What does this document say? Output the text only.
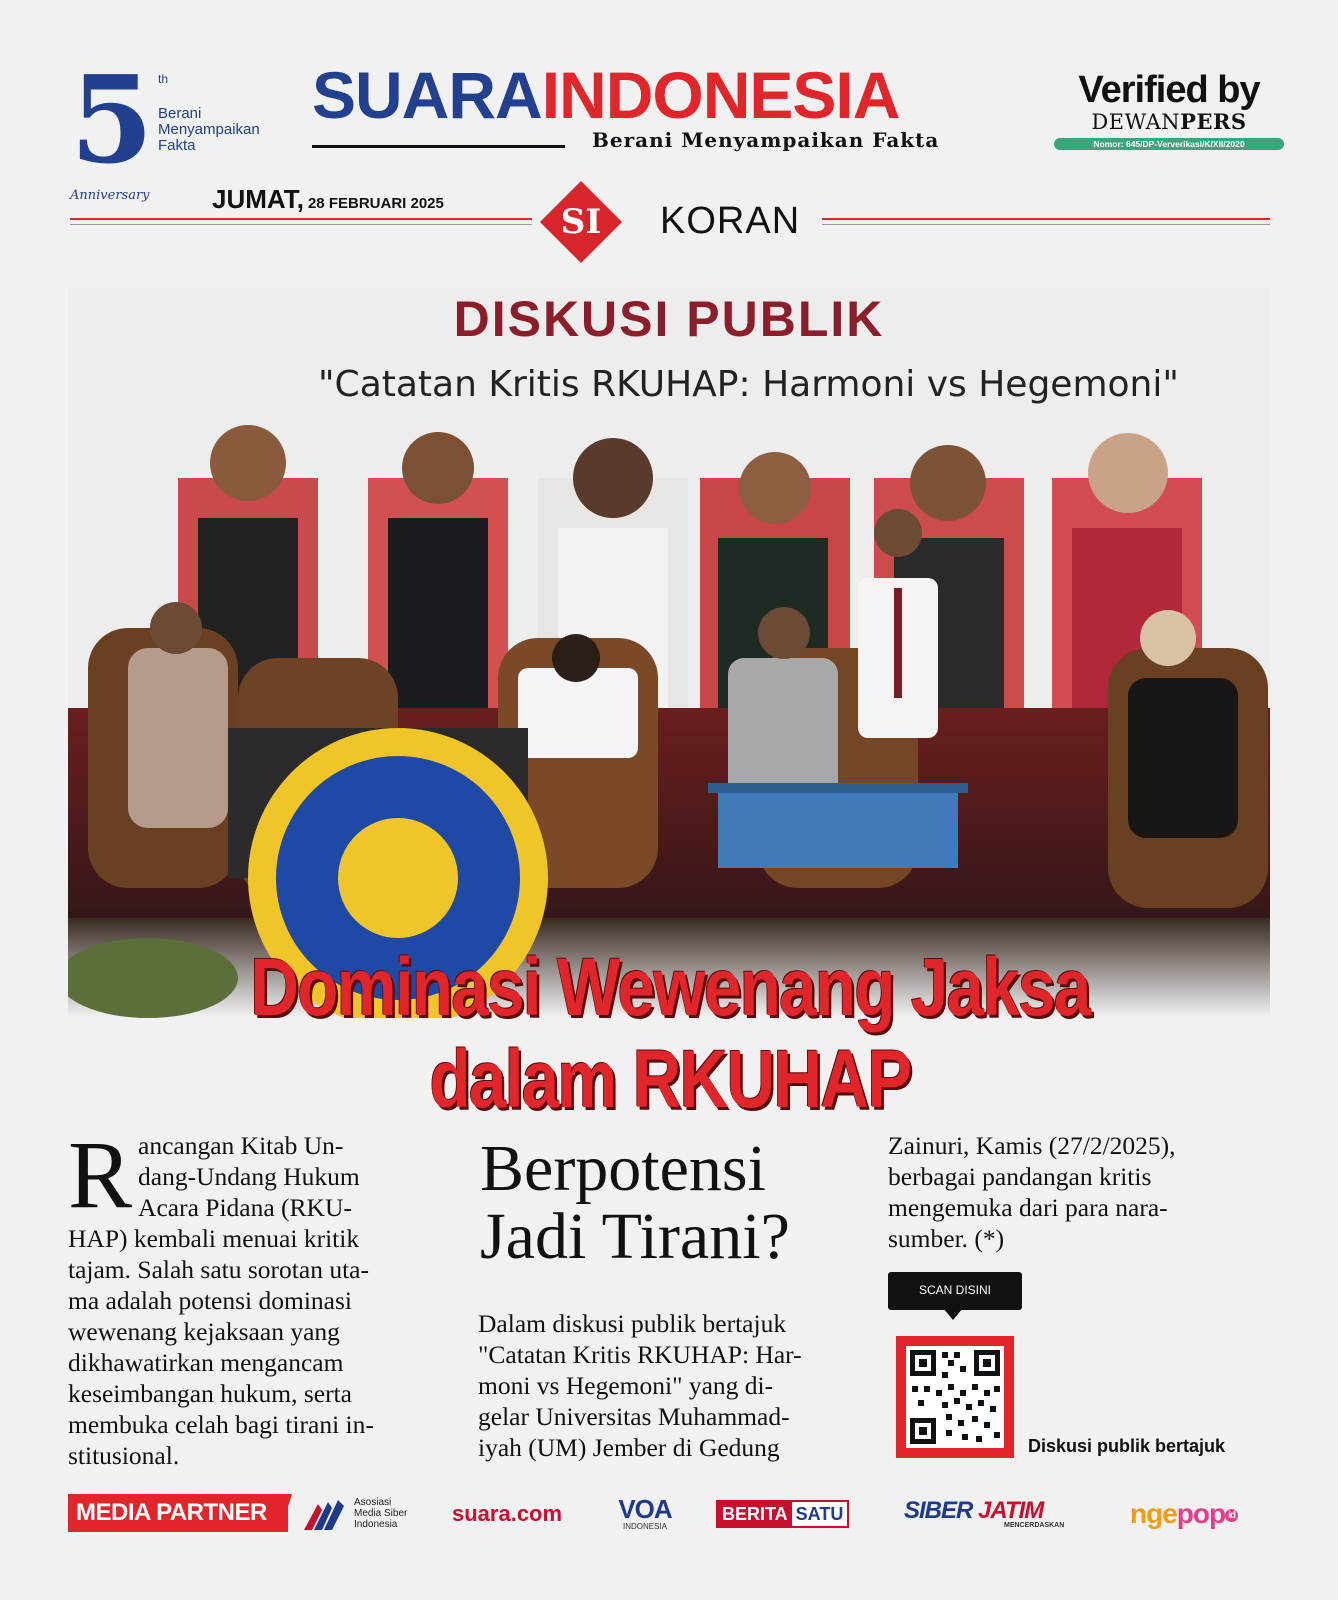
5 th
Berani
Menyampaikan
Fakta
Anniversary
SUARAINDONESIA
Berani Menyampaikan Fakta
Verified by
DEWANPERS
Nomor: 645/DP-Ververikasi/K/XII/2020
JUMAT, 28 FEBRUARI 2025	SI	KORAN
DISKUSI PUBLIK
"Catatan Kritis RKUHAP: Harmoni vs Hegemoni"
Dominasi Wewenang Jaksa
dalam RKUHAP
R ancangan Kitab Un-
dang-Undang Hukum
Acara Pidana (RKU-
HAP) kembali menuai kritik
tajam. Salah satu sorotan uta-
ma adalah potensi dominasi
wewenang kejaksaan yang
dikhawatirkan mengancam
keseimbangan hukum, serta
membuka celah bagi tirani in-
stitusional.

Berpotensi
Jadi Tirani?
Dalam diskusi publik bertajuk
"Catatan Kritis RKUHAP: Har-
moni vs Hegemoni" yang di-
gelar Universitas Muhammad-
iyah (UM) Jember di Gedung
Zainuri, Kamis (27/2/2025),
berbagai pandangan kritis
mengemuka dari para nara-
sumber. (*)
SCAN DISINI
Diskusi publik bertajuk
MEDIA PARTNER	Asosiasi
Media Siber
Indonesia	suara.com VOA
INDONESIA
BERITA SATU	SIBER JATIM
MENCERDASKAN ngepop id
